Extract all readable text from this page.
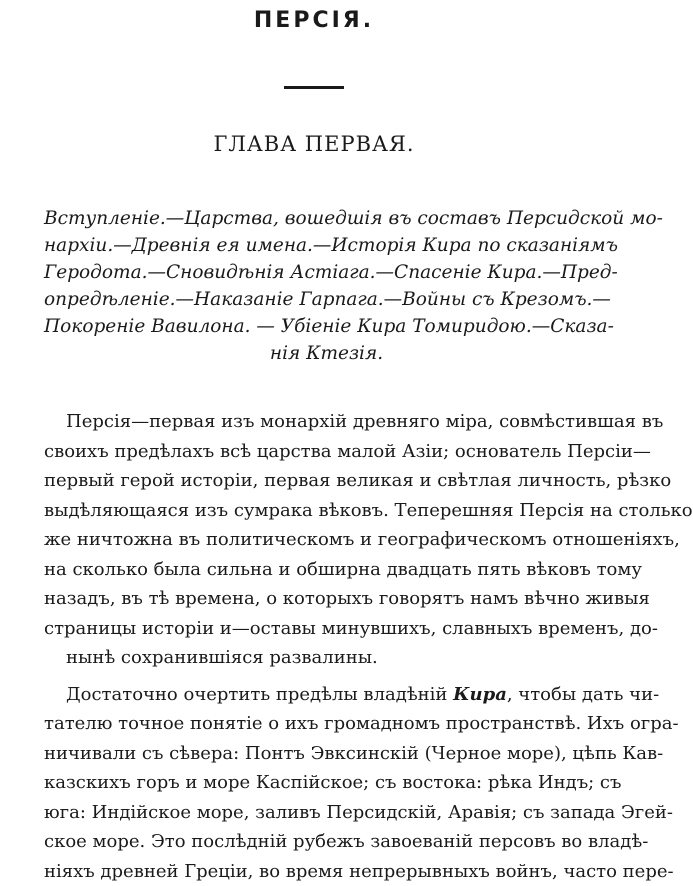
ПЕРСІЯ.
ГЛАВА ПЕРВАЯ.
Вступленіе.—Царства, вошедшія въ составъ Персидской мо-
нархіи.—Древнія ея имена.—Исторія Кира по сказаніямъ
Геродота.—Сновидѣнія Астіага.—Спасеніе Кира.—Пред-
опредѣленіе.—Наказаніе Гарпага.—Войны съ Крезомъ.—
Покореніе Вавилона. — Убіеніе Кира Томиридою.—Сказа-
нія Ктезія.
Персія—первая изъ монархій древняго міра, совмѣстившая въ
своихъ предѣлахъ всѣ царства малой Азіи; основатель Персіи—
первый герой исторіи, первая великая и свѣтлая личность, рѣзко
выдѣляющаяся изъ сумрака вѣковъ. Теперешняя Персія на столько
же ничтожна въ политическомъ и географическомъ отношеніяхъ,
на сколько была сильна и обширна двадцать пять вѣковъ тому
назадъ, въ тѣ времена, о которыхъ говорятъ намъ вѣчно живыя
страницы исторіи и—остaвы минувшихъ, славныхъ временъ, до-
нынѣ сохранившіяся развалины.
Достаточно очертить предѣлы владѣній Кира, чтобы дать чи-
тателю точное понятіе о ихъ громадномъ пространствѣ. Ихъ огра-
ничивали съ сѣвера: Понтъ Эвксинскій (Черное море), цѣпь Кав-
казскихъ горъ и море Каспійское; съ востока: рѣка Индъ; съ
юга: Индійское море, заливъ Персидскій, Аравія; съ запада Эгей-
ское море. Это послѣдній рубежъ завоеваній персовъ во владѣ-
ніяхъ древней Греціи, во время непрерывныхъ войнъ, часто пере-
